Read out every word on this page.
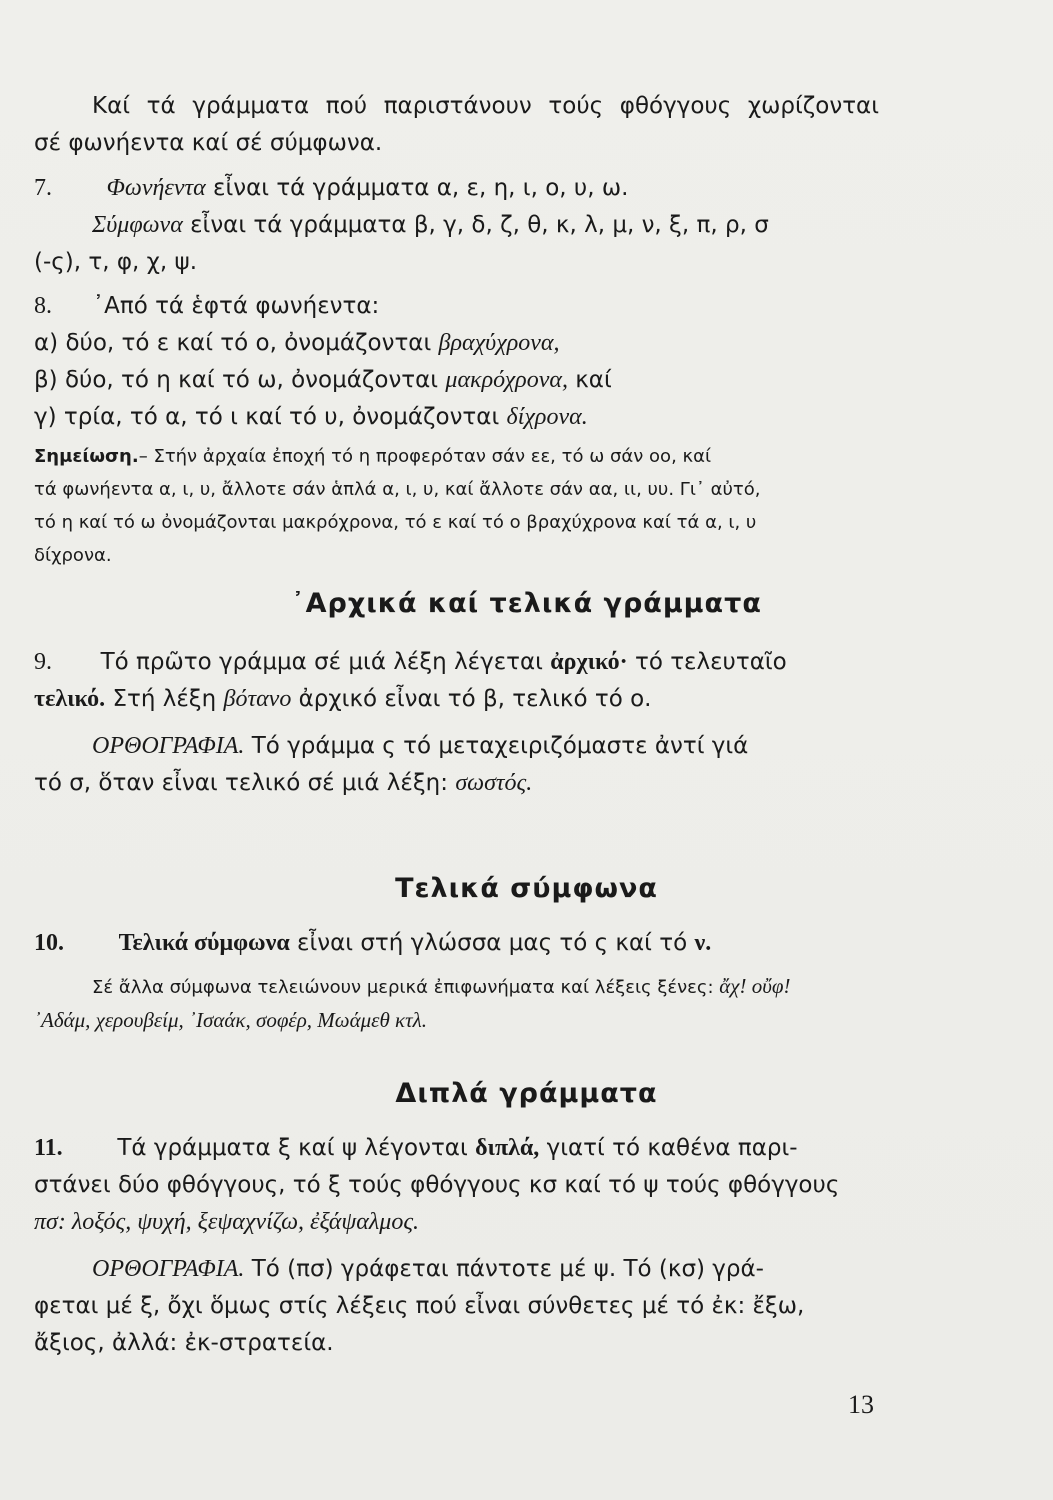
Καί τά γράμματα πού παριστάνουν τούς φθόγγους χωρίζονται
σέ φωνήεντα καί σέ σύμφωνα.
7. Φωνήεντα εἶναι τά γράμματα α, ε, η, ι, ο, υ, ω.
Σύμφωνα εἶναι τά γράμματα β, γ, δ, ζ, θ, κ, λ, μ, ν, ξ, π, ρ, σ
(-ς), τ, φ, χ, ψ.
8. ᾿Από τά ἑφτά φωνήεντα:
α) δύο, τό ε καί τό ο, ὀνομάζονται βραχύχρονα,
β) δύο, τό η καί τό ω, ὀνομάζονται μακρόχρονα, καί
γ) τρία, τό α, τό ι καί τό υ, ὀνομάζονται δίχρονα.
Σημείωση.– Στήν ἀρχαία ἐποχή τό η προφερόταν σάν εε, τό ω σάν οο, καί
τά φωνήεντα α, ι, υ, ἄλλοτε σάν ἁπλά α, ι, υ, καί ἄλλοτε σάν αα, ιι, υυ. Γι᾿ αὐτό,
τό η καί τό ω ὀνομάζονται μακρόχρονα, τό ε καί τό ο βραχύχρονα καί τά α, ι, υ
δίχρονα.
᾿Αρχικά καί τελικά γράμματα
9. Τό πρῶτο γράμμα σέ μιά λέξη λέγεται ἀρχικό· τό τελευταῖο
τελικό. Στή λέξη βότανο ἀρχικό εἶναι τό β, τελικό τό ο.
ΟΡΘΟΓΡΑΦΙΑ. Τό γράμμα ς τό μεταχειριζόμαστε ἀντί γιά
τό σ, ὅταν εἶναι τελικό σέ μιά λέξη: σωστός.
Τελικά σύμφωνα
10. Τελικά σύμφωνα εἶναι στή γλώσσα μας τό ς καί τό ν.
Σέ ἄλλα σύμφωνα τελειώνουν μερικά ἐπιφωνήματα καί λέξεις ξένες: ἄχ! οὔφ!
᾿Αδάμ, χερουβείμ, ᾿Ισαάκ, σοφέρ, Μωάμεθ κτλ.
Διπλά γράμματα
11. Τά γράμματα ξ καί ψ λέγονται διπλά, γιατί τό καθένα παρι-
στάνει δύο φθόγγους, τό ξ τούς φθόγγους κσ καί τό ψ τούς φθόγγους
πσ: λοξός, ψυχή, ξεψαχνίζω, ἐξάψαλμος.
ΟΡΘΟΓΡΑΦΙΑ. Τό (πσ) γράφεται πάντοτε μέ ψ. Τό (κσ) γρά-
φεται μέ ξ, ὄχι ὅμως στίς λέξεις πού εἶναι σύνθετες μέ τό ἐκ: ἔξω,
ἄξιος, ἀλλά: ἐκ-στρατεία.
13
